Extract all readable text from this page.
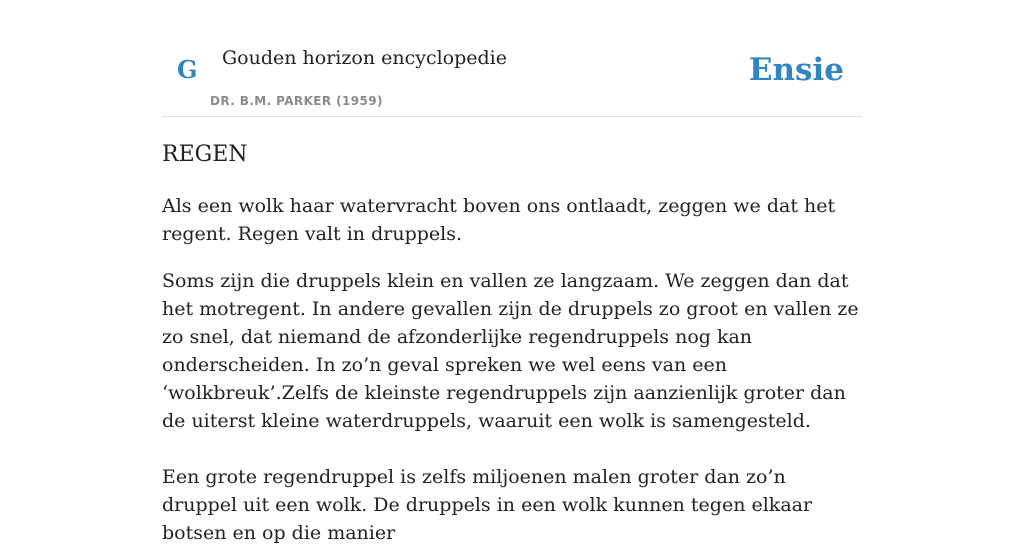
G Gouden horizon encyclopedie
DR. B.M. PARKER (1959)
Ensie
REGEN

Als een wolk haar watervracht boven ons ontlaadt, zeggen we dat het regent. Regen valt in druppels.

Soms zijn die druppels klein en vallen ze langzaam. We zeggen dan dat het motregent. In andere gevallen zijn de druppels zo groot en vallen ze zo snel, dat niemand de afzonderlijke regendruppels nog kan onderscheiden. In zo’n geval spreken we wel eens van een ‘wolkbreuk’.Zelfs de kleinste regendruppels zijn aanzienlijk groter dan de uiterst kleine waterdruppels, waaruit een wolk is samengesteld.

Een grote regendruppel is zelfs miljoenen malen groter dan zo’n druppel uit een wolk. De druppels in een wolk kunnen tegen elkaar botsen en op die manier
